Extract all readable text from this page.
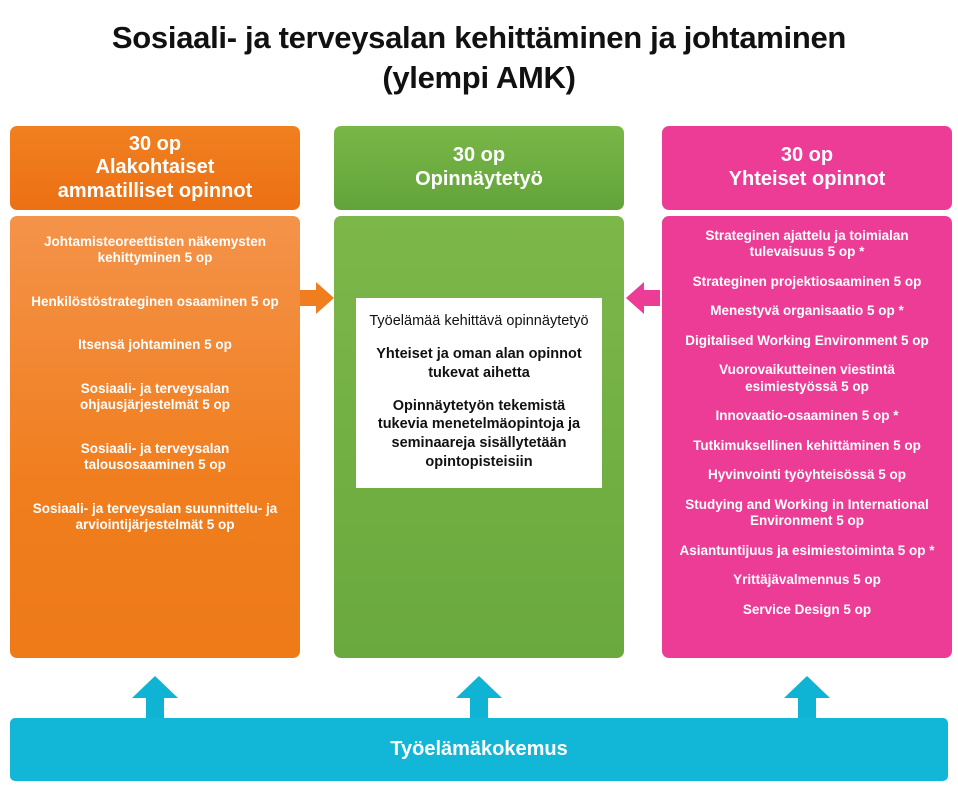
Sosiaali- ja terveysalan kehittäminen ja johtaminen
(ylempi AMK)
30 op
Alakohtaiset
ammatilliset opinnot
Johtamisteoreettisten näkemysten kehittyminen 5 op
Henkilöstöstrateginen osaaminen 5 op
Itsensä johtaminen 5 op
Sosiaali- ja terveysalan ohjausjärjestelmät 5 op
Sosiaali- ja terveysalan talousosaaminen 5 op
Sosiaali- ja terveysalan suunnittelu- ja arviointijärjestelmät 5 op
30 op
Opinnäytetyö
Työelämää kehittävä opinnäytetyö
Yhteiset ja oman alan opinnot tukevat aihetta
Opinnäytetyön tekemistä tukevia menetelmäopintoja ja seminaareja sisällytetään opintopisteisiin
30 op
Yhteiset opinnot
Strateginen ajattelu ja toimialan tulevaisuus 5 op *
Strateginen projektiosaaminen 5 op
Menestyvä organisaatio 5 op *
Digitalised Working Environment 5 op
Vuorovaikutteinen viestintä esimiestyössä 5 op
Innovaatio-osaaminen 5 op *
Tutkimuksellinen kehittäminen 5 op
Hyvinvointi työyhteisössä 5 op
Studying and Working in International Environment 5 op
Asiantuntijuus ja esimiestoiminta 5 op *
Yrittäjävalmennus 5 op
Service Design 5 op
Työelämäkokemus
